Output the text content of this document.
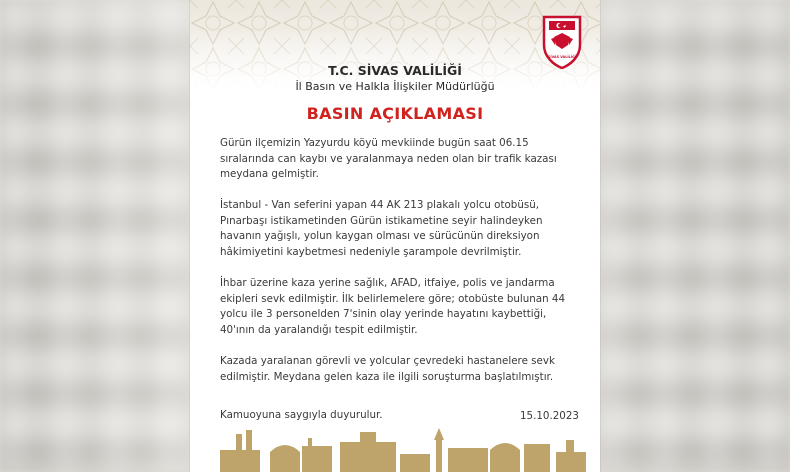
SİVAS VALİLİĞİ
T.C. SİVAS VALİLİĞİ
İl Basın ve Halkla İlişkiler Müdürlüğü
BASIN AÇIKLAMASI
Gürün ilçemizin Yazyurdu köyü mevkiinde bugün saat 06.15 sıralarında can kaybı ve yaralanmaya neden olan bir trafik kazası meydana gelmiştir.
İstanbul - Van seferini yapan 44 AK 213 plakalı yolcu otobüsü, Pınarbaşı istikametinden Gürün istikametine seyir halindeyken havanın yağışlı, yolun kaygan olması ve sürücünün direksiyon hâkimiyetini kaybetmesi nedeniyle şarampole devrilmiştir.
İhbar üzerine kaza yerine sağlık, AFAD, itfaiye, polis ve jandarma ekipleri sevk edilmiştir. İlk belirlemelere göre; otobüste bulunan 44 yolcu ile 3 personelden 7'sinin olay yerinde hayatını kaybettiği, 40'ının da yaralandığı tespit edilmiştir.
Kazada yaralanan görevli ve yolcular çevredeki hastanelere sevk edilmiştir. Meydana gelen kaza ile ilgili soruşturma başlatılmıştır.
Kamuoyuna saygıyla duyurulur.	15.10.2023
